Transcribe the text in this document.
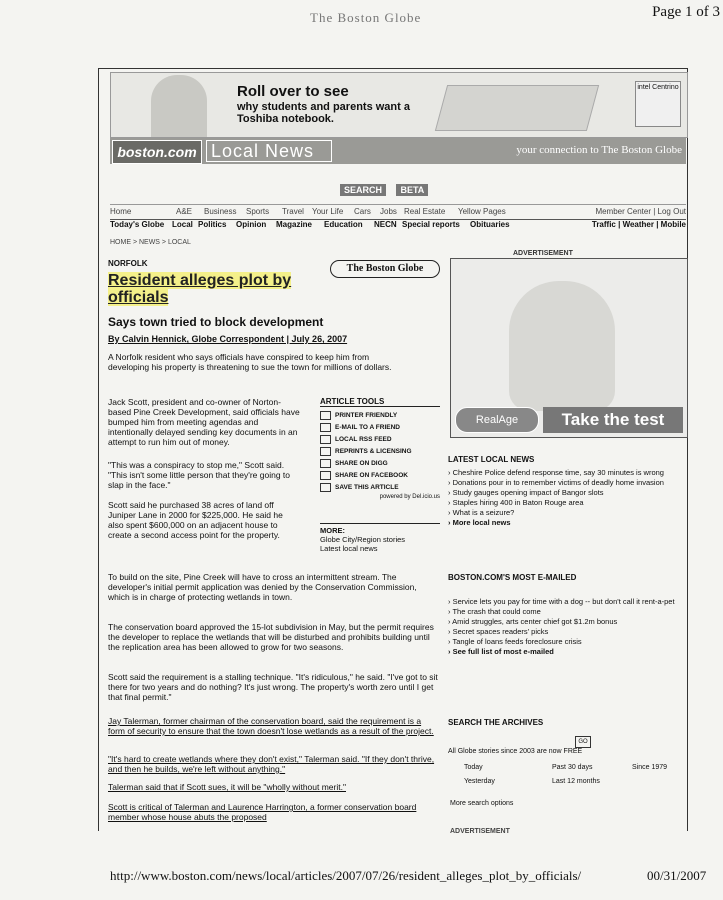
The Boston Globe	Page 1 of 3
Roll over to see
why students and parents want a Toshiba notebook.
intel Centrino
boston.com Local News	your connection to The Boston Globe
SEARCH BETA
Home	A&E Business Sports Travel Your Life Cars Jobs Real Estate Yellow Pages	Member Center | Log Out
Today's Globe Local Politics Opinion Magazine Education NECN Special reports Obituaries	Traffic | Weather | Mobile
HOME > NEWS > LOCAL
ADVERTISEMENT
NORFOLK
Resident alleges plot by officials
The Boston Globe
Says town tried to block development
By Calvin Hennick, Globe Correspondent | July 26, 2007
A Norfolk resident who says officials have conspired to keep him from developing his property is threatening to sue the town for millions of dollars.
Jack Scott, president and co-owner of Norton-based Pine Creek Development, said officials have bumped him from meeting agendas and intentionally delayed sending key documents in an attempt to run him out of money.
"This was a conspiracy to stop me," Scott said. "This isn't some little person that they're going to slap in the face."
Scott said he purchased 38 acres of land off Juniper Lane in 2000 for $225,000. He said he also spent $600,000 on an adjacent house to create a second access point for the property.
ARTICLE TOOLS
PRINTER FRIENDLY
E-MAIL TO A FRIEND
LOCAL RSS FEED
REPRINTS & LICENSING
SHARE ON DIGG
SHARE ON FACEBOOK
SAVE THIS ARTICLE
powered by Del.icio.us
MORE:
Globe City/Region stories
Latest local news
To build on the site, Pine Creek will have to cross an intermittent stream. The developer's initial permit application was denied by the Conservation Commission, which is in charge of protecting wetlands in town.
The conservation board approved the 15-lot subdivision in May, but the permit requires the developer to replace the wetlands that will be disturbed and prohibits building until the replication area has been allowed to grow for two seasons.
Scott said the requirement is a stalling technique. "It's ridiculous," he said. "I've got to sit there for two years and do nothing? It's just wrong. The property's worth zero until I get that final permit."
Jay Talerman, former chairman of the conservation board, said the requirement is a form of security to ensure that the town doesn't lose wetlands as a result of the project.
"It's hard to create wetlands where they don't exist," Talerman said. "If they don't thrive, and then he builds, we're left without anything."
Talerman said that if Scott sues, it will be "wholly without merit."
Scott is critical of Talerman and Laurence Harrington, a former conservation board member whose house abuts the proposed
RealAge	Take the test
LATEST LOCAL NEWS
› Cheshire Police defend response time, say 30 minutes is wrong
› Donations pour in to remember victims of deadly home invasion
› Study gauges opening impact of Bangor slots
› Staples hiring 400 in Baton Rouge area
› What is a seizure?
› More local news
BOSTON.COM'S MOST E-MAILED
› Service lets you pay for time with a dog -- but don't call it rent-a-pet
› The crash that could come
› Amid struggles, arts center chief got $1.2m bonus
› Secret spaces readers' picks
› Tangle of loans feeds foreclosure crisis
› See full list of most e-mailed
SEARCH THE ARCHIVES
GO
All Globe stories since 2003 are now FREE
Today	Past 30 days	Since 1979
Yesterday	Last 12 months
More search options
ADVERTISEMENT
http://www.boston.com/news/local/articles/2007/07/26/resident_alleges_plot_by_officials/	00/31/2007
